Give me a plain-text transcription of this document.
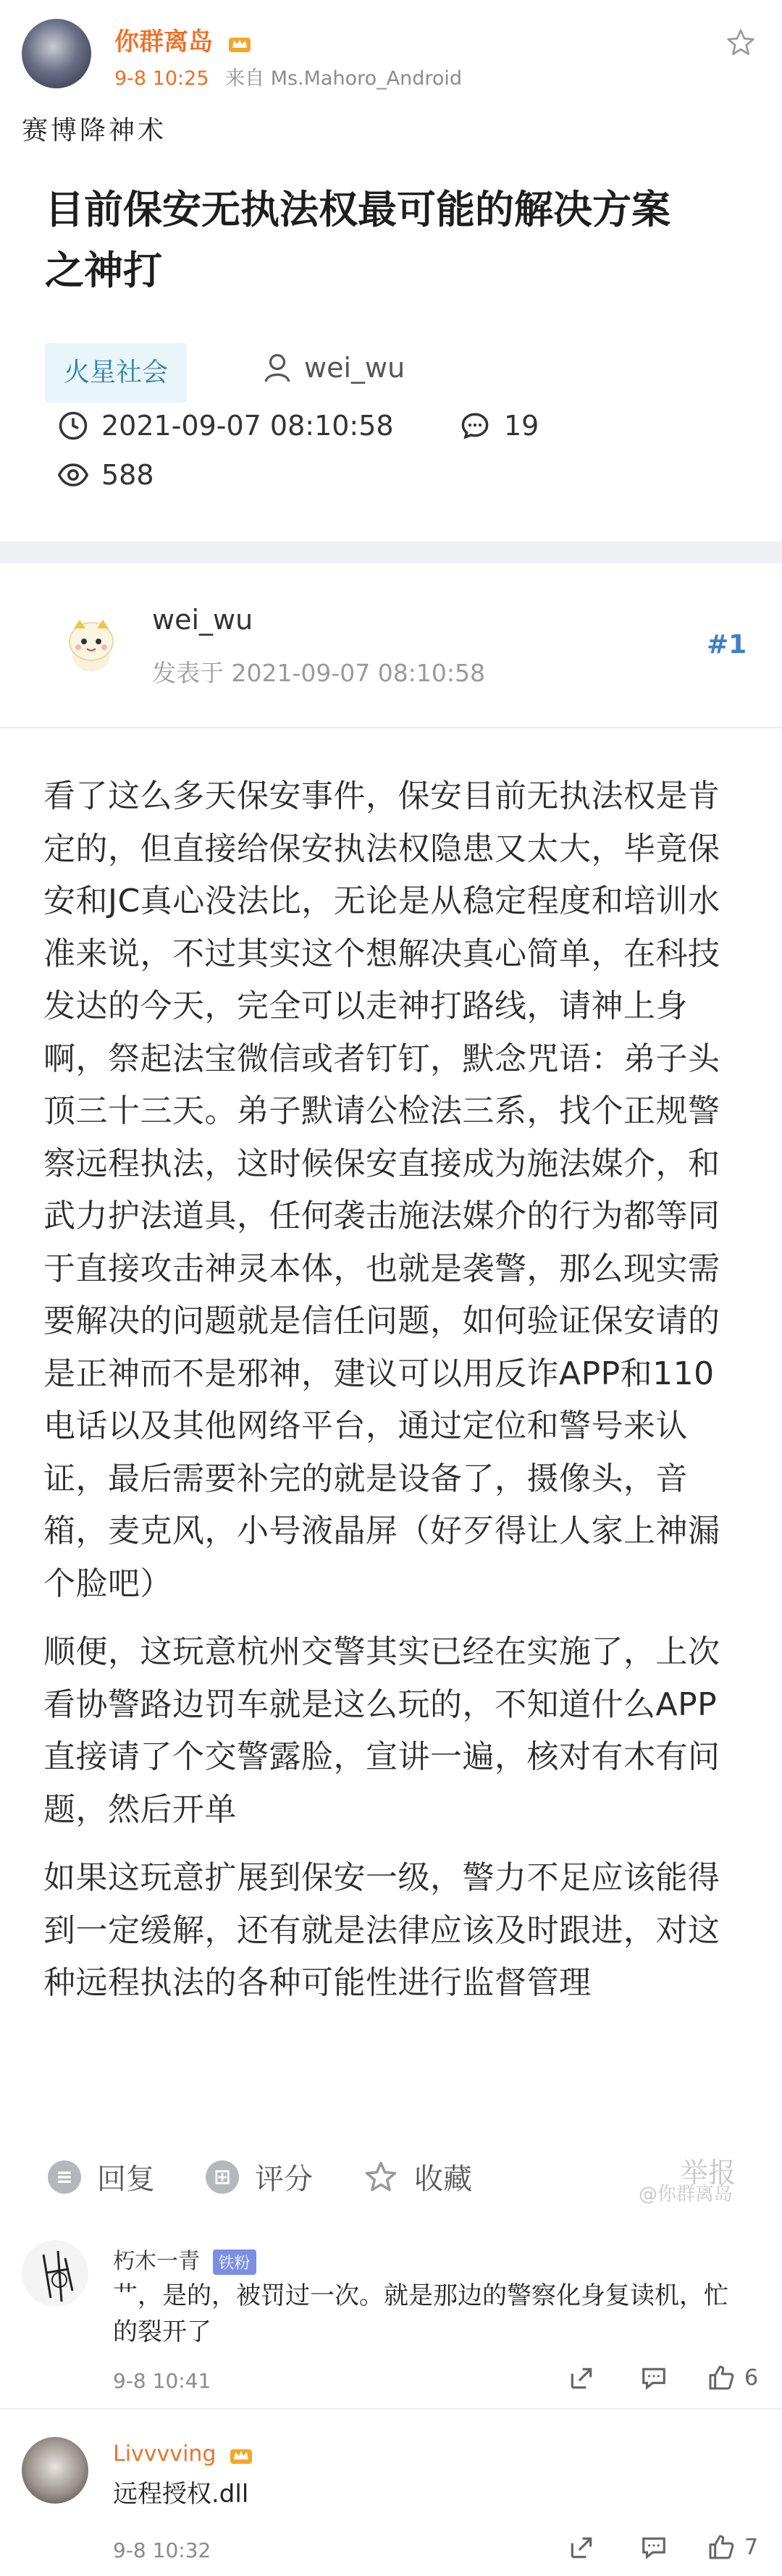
你群离岛
9-8 10:25 来自 Ms.Mahoro_Android
赛博降神术
目前保安无执法权最可能的解决方案
之神打
火星社会	wei_wu
2021-09-07 08:10:58	19
588
wei_wu
发表于 2021-09-07 08:10:58
#1

看了这么多天保安事件，保安目前无执法权是肯定的，但直接给保安执法权隐患又太大，毕竟保安和JC真心没法比，无论是从稳定程度和培训水准来说，不过其实这个想解决真心简单，在科技发达的今天，完全可以走神打路线，请神上身啊，祭起法宝微信或者钉钉，默念咒语：弟子头顶三十三天。弟子默请公检法三系，找个正规警察远程执法，这时候保安直接成为施法媒介，和武力护法道具，任何袭击施法媒介的行为都等同于直接攻击神灵本体，也就是袭警，那么现实需要解决的问题就是信任问题，如何验证保安请的是正神而不是邪神，建议可以用反诈APP和110电话以及其他网络平台，通过定位和警号来认证，最后需要补完的就是设备了，摄像头，音箱，麦克风，小号液晶屏（好歹得让人家上神漏个脸吧）

顺便，这玩意杭州交警其实已经在实施了，上次看协警路边罚车就是这么玩的，不知道什么APP直接请了个交警露脸，宣讲一遍，核对有木有问题，然后开单

如果这玩意扩展到保安一级，警力不足应该能得到一定缓解，还有就是法律应该及时跟进，对这种远程执法的各种可能性进行监督管理

≡ 回复	⊞ 评分	收藏	举报
@你群离岛
朽木一青 铁粉
艹，是的，被罚过一次。就是那边的警察化身复读机，忙的裂开了
9-8 10:41	6
Livvvving
远程授权.dll
9-8 10:32	7
